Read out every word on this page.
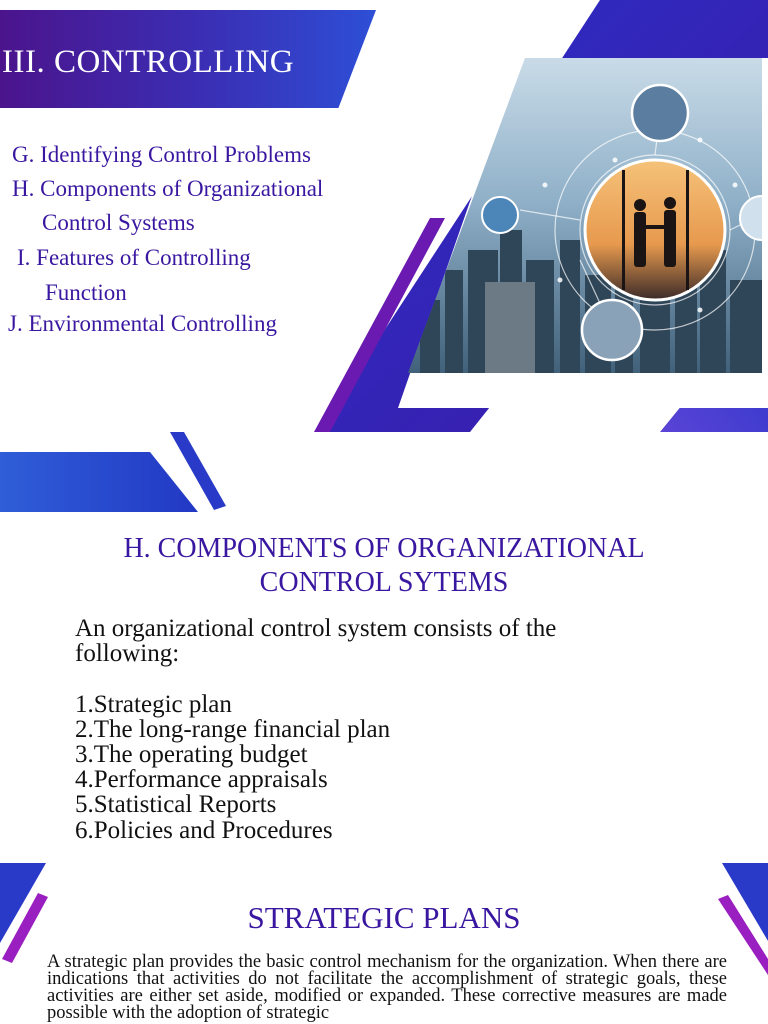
III. CONTROLLING
G. Identifying Control Problems
H. Components of Organizational
Control Systems
I. Features of Controlling
Function
J. Environmental Controlling
H. COMPONENTS OF ORGANIZATIONAL
CONTROL SYTEMS
An organizational control system consists of the
following:
1.Strategic plan
2.The long-range financial plan
3.The operating budget
4.Performance appraisals
5.Statistical Reports
6.Policies and Procedures
STRATEGIC PLANS
A strategic plan provides the basic control mechanism for the organization. When there are indications that activities do not facilitate the accomplishment of strategic goals, these activities are either set aside, modified or expanded. These corrective measures are made possible with the adoption of strategic
